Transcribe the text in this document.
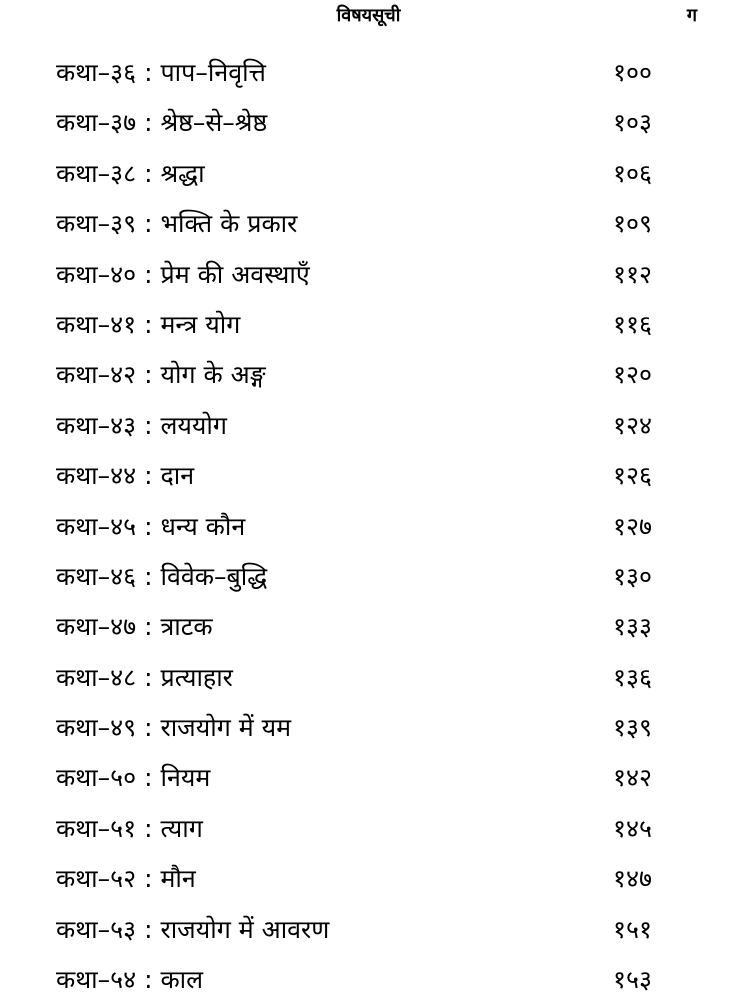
विषयसूची	ग
कथा–३६ : पाप–निवृत्ति	१००
कथा–३७ : श्रेष्ठ–से–श्रेष्ठ	१०३
कथा–३८ : श्रद्धा	१०६
कथा–३९ : भक्ति के प्रकार	१०९
कथा–४० : प्रेम की अवस्थाएँ	११२
कथा–४१ : मन्त्र योग	११६
कथा–४२ : योग के अङ्ग	१२०
कथा–४३ : लययोग	१२४
कथा–४४ : दान	१२६
कथा–४५ : धन्य कौन	१२७
कथा–४६ : विवेक–बुद्धि	१३०
कथा–४७ : त्राटक	१३३
कथा–४८ : प्रत्याहार	१३६
कथा–४९ : राजयोग में यम	१३९
कथा–५० : नियम	१४२
कथा–५१ : त्याग	१४५
कथा–५२ : मौन	१४७
कथा–५३ : राजयोग में आवरण	१५१
कथा–५४ : काल	१५३
